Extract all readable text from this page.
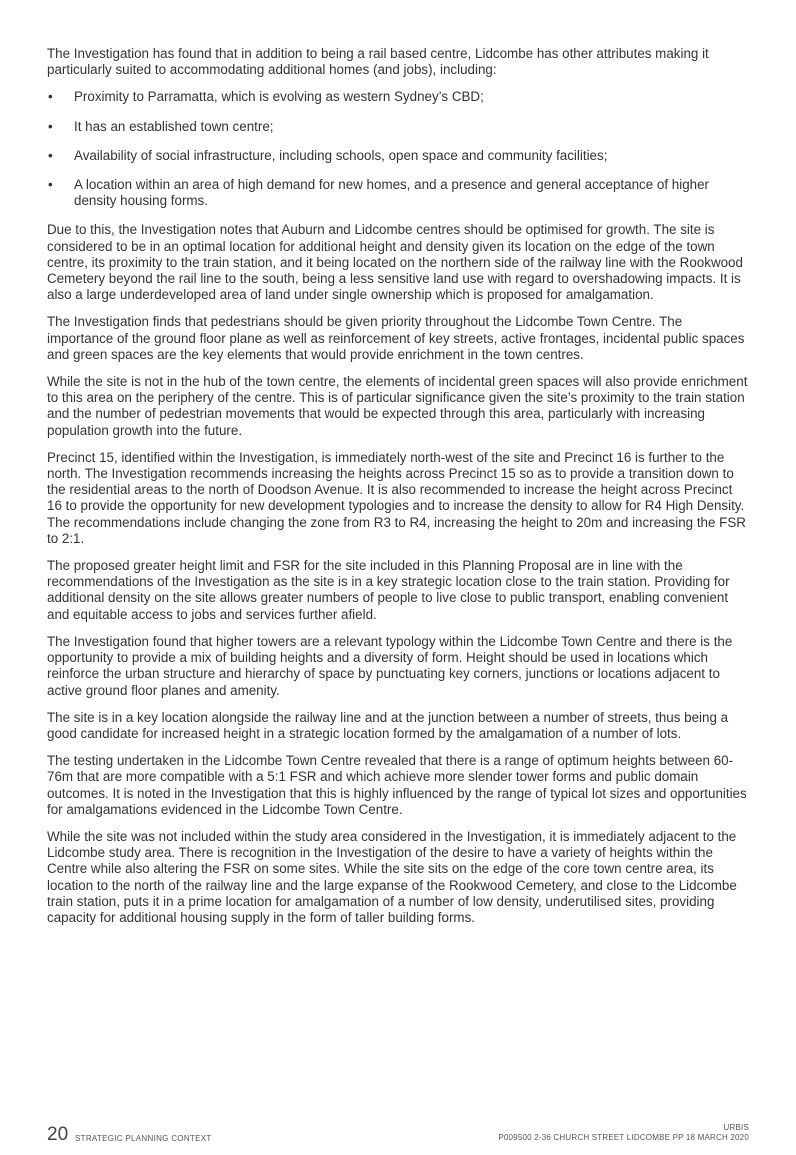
The Investigation has found that in addition to being a rail based centre, Lidcombe has other attributes making it particularly suited to accommodating additional homes (and jobs), including:

• Proximity to Parramatta, which is evolving as western Sydney’s CBD;
• It has an established town centre;
• Availability of social infrastructure, including schools, open space and community facilities;
• A location within an area of high demand for new homes, and a presence and general acceptance of higher density housing forms.

Due to this, the Investigation notes that Auburn and Lidcombe centres should be optimised for growth. The site is considered to be in an optimal location for additional height and density given its location on the edge of the town centre, its proximity to the train station, and it being located on the northern side of the railway line with the Rookwood Cemetery beyond the rail line to the south, being a less sensitive land use with regard to overshadowing impacts. It is also a large underdeveloped area of land under single ownership which is proposed for amalgamation.

The Investigation finds that pedestrians should be given priority throughout the Lidcombe Town Centre. The importance of the ground floor plane as well as reinforcement of key streets, active frontages, incidental public spaces and green spaces are the key elements that would provide enrichment in the town centres.

While the site is not in the hub of the town centre, the elements of incidental green spaces will also provide enrichment to this area on the periphery of the centre. This is of particular significance given the site’s proximity to the train station and the number of pedestrian movements that would be expected through this area, particularly with increasing population growth into the future.

Precinct 15, identified within the Investigation, is immediately north-west of the site and Precinct 16 is further to the north. The Investigation recommends increasing the heights across Precinct 15 so as to provide a transition down to the residential areas to the north of Doodson Avenue. It is also recommended to increase the height across Precinct 16 to provide the opportunity for new development typologies and to increase the density to allow for R4 High Density. The recommendations include changing the zone from R3 to R4, increasing the height to 20m and increasing the FSR to 2:1.

The proposed greater height limit and FSR for the site included in this Planning Proposal are in line with the recommendations of the Investigation as the site is in a key strategic location close to the train station. Providing for additional density on the site allows greater numbers of people to live close to public transport, enabling convenient and equitable access to jobs and services further afield.

The Investigation found that higher towers are a relevant typology within the Lidcombe Town Centre and there is the opportunity to provide a mix of building heights and a diversity of form. Height should be used in locations which reinforce the urban structure and hierarchy of space by punctuating key corners, junctions or locations adjacent to active ground floor planes and amenity.

The site is in a key location alongside the railway line and at the junction between a number of streets, thus being a good candidate for increased height in a strategic location formed by the amalgamation of a number of lots.

The testing undertaken in the Lidcombe Town Centre revealed that there is a range of optimum heights between 60-76m that are more compatible with a 5:1 FSR and which achieve more slender tower forms and public domain outcomes. It is noted in the Investigation that this is highly influenced by the range of typical lot sizes and opportunities for amalgamations evidenced in the Lidcombe Town Centre.

While the site was not included within the study area considered in the Investigation, it is immediately adjacent to the Lidcombe study area. There is recognition in the Investigation of the desire to have a variety of heights within the Centre while also altering the FSR on some sites. While the site sits on the edge of the core town centre area, its location to the north of the railway line and the large expanse of the Rookwood Cemetery, and close to the Lidcombe train station, puts it in a prime location for amalgamation of a number of low density, underutilised sites, providing capacity for additional housing supply in the form of taller building forms.

20 STRATEGIC PLANNING CONTEXT
URBIS
P009500 2-36 CHURCH STREET LIDCOMBE PP 18 MARCH 2020
